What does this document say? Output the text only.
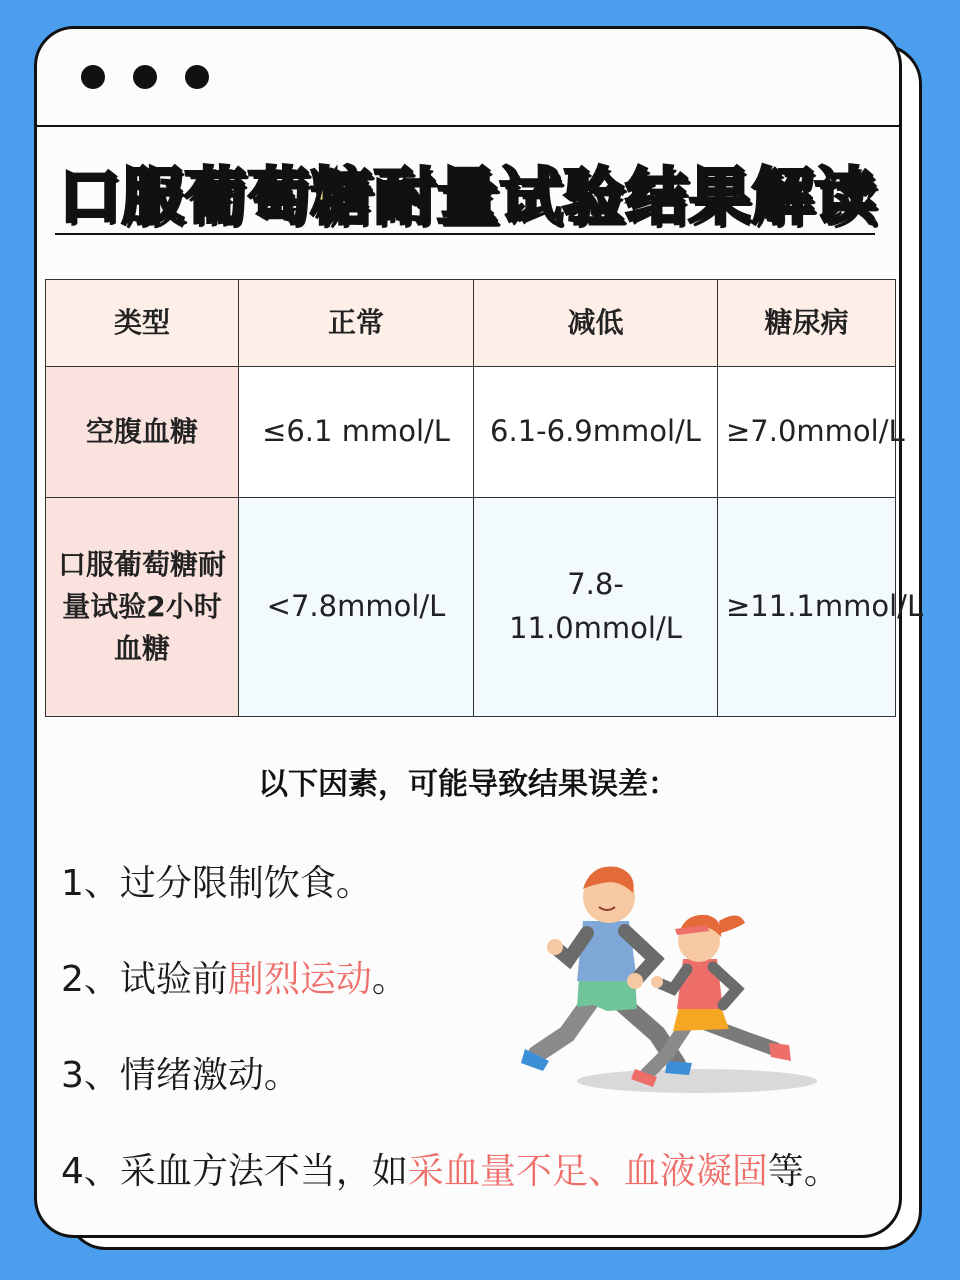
口服葡萄糖耐量试验结果解读
类型	正常	减低	糖尿病
空腹血糖	≤6.1 mmol/L	6.1-6.9mmol/L	≥7.0mmol/L
口服葡萄糖耐量试验2小时血糖	<7.8mmol/L	7.8-11.0mmol/L	≥11.1mmol/L
以下因素，可能导致结果误差：
1、过分限制饮食。
2、试验前剧烈运动。
3、情绪激动。
4、采血方法不当，如采血量不足、血液凝固等。
